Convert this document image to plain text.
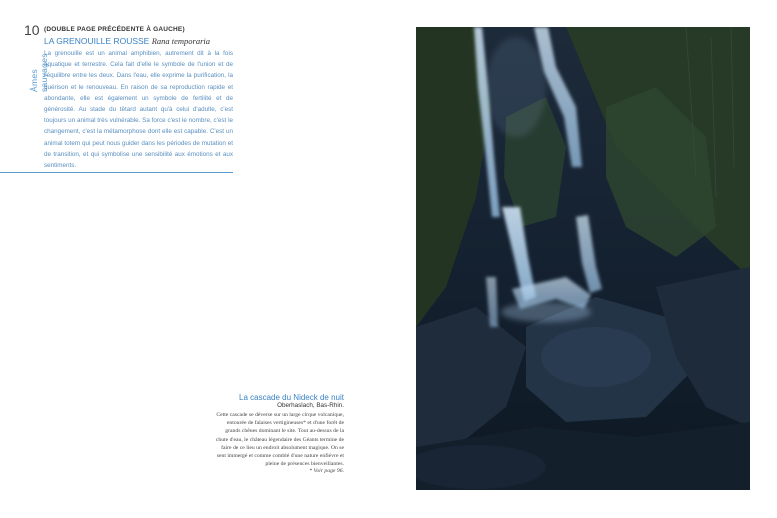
10
Âmes sauvages
(DOUBLE PAGE PRÉCÉDENTE À GAUCHE)
LA GRENOUILLE ROUSSE Rana temporaria
La grenouille est un animal amphibien, autrement dit à la fois aquatique et terrestre. Cela fait d'elle le symbole de l'union et de l'équilibre entre les deux. Dans l'eau, elle exprime la purification, la guérison et le renouveau. En raison de sa reproduction rapide et abondante, elle est également un symbole de fertilité et de générosité. Au stade du têtard autant qu'à celui d'adulte, c'est toujours un animal très vulnérable. Sa force c'est le nombre, c'est le changement, c'est la métamorphose dont elle est capable. C'est un animal totem qui peut nous guider dans les périodes de mutation et de transition, et qui symbolise une sensibilité aux émotions et aux sentiments.
La cascade du Nideck de nuit
Oberhaslach, Bas-Rhin.
Cette cascade se déverse sur un large cirque volcanique, entourée de falaises vertigineuses* et d'une forêt de grands chênes dominant le site. Tout au-dessus de la chute d'eau, le château légendaire des Géants termine de faire de ce lieu un endroit absolument magique. On se sent immergé et comme comblé d'une nature enfiévre et pleine de présences bienveillantes.
* Voir page 96.
